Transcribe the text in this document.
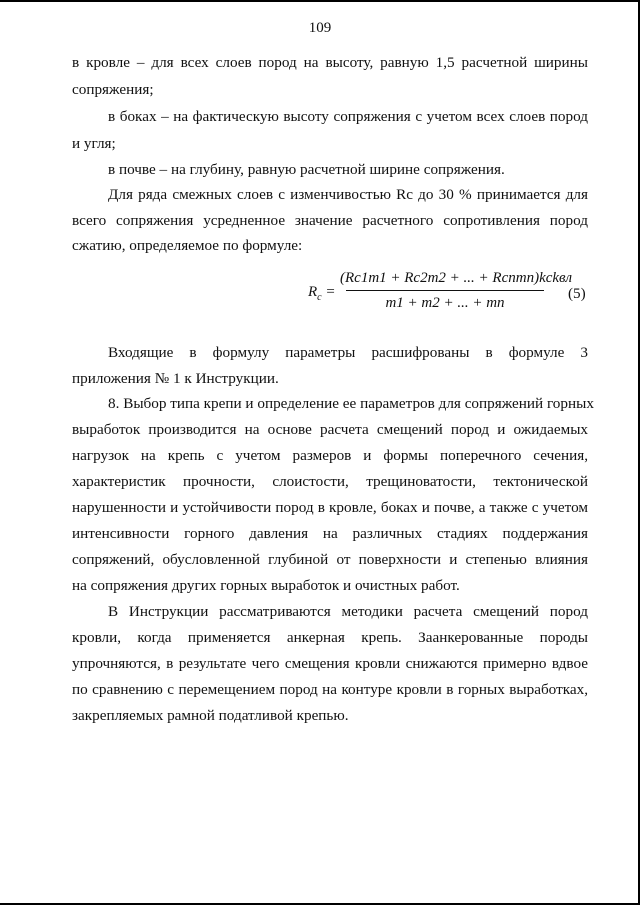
109
в кровле – для всех слоев пород на высоту, равную 1,5 расчетной ширины
сопряжения;
в боках – на фактическую высоту сопряжения с учетом всех слоев пород
и угля;
в почве – на глубину, равную расчетной ширине сопряжения.
Для ряда смежных слоев с изменчивостью Rc до 30 % принимается для
всего сопряжения усредненное значение расчетного сопротивления пород
сжатию, определяемое по формуле:
$R_c$ =
(Rc1m1 + Rc2m2 + ... + Rcnmn)kckвл
m1 + m2 + ... + mn
(5)
Входящие в формулу параметры расшифрованы в формуле 3
приложения № 1 к Инструкции.
8. Выбор типа крепи и определение ее параметров для сопряжений горных
выработок производится на основе расчета смещений пород и ожидаемых
нагрузок на крепь с учетом размеров и формы поперечного сечения,
характеристик прочности, слоистости, трещиноватости, тектонической
нарушенности и устойчивости пород в кровле, боках и почве, а также с учетом
интенсивности горного давления на различных стадиях поддержания
сопряжений, обусловленной глубиной от поверхности и степенью влияния
на сопряжения других горных выработок и очистных работ.
В Инструкции рассматриваются методики расчета смещений пород
кровли, когда применяется анкерная крепь. Заанкерованные породы
упрочняются, в результате чего смещения кровли снижаются примерно вдвое
по сравнению с перемещением пород на контуре кровли в горных выработках,
закрепляемых рамной податливой крепью.
